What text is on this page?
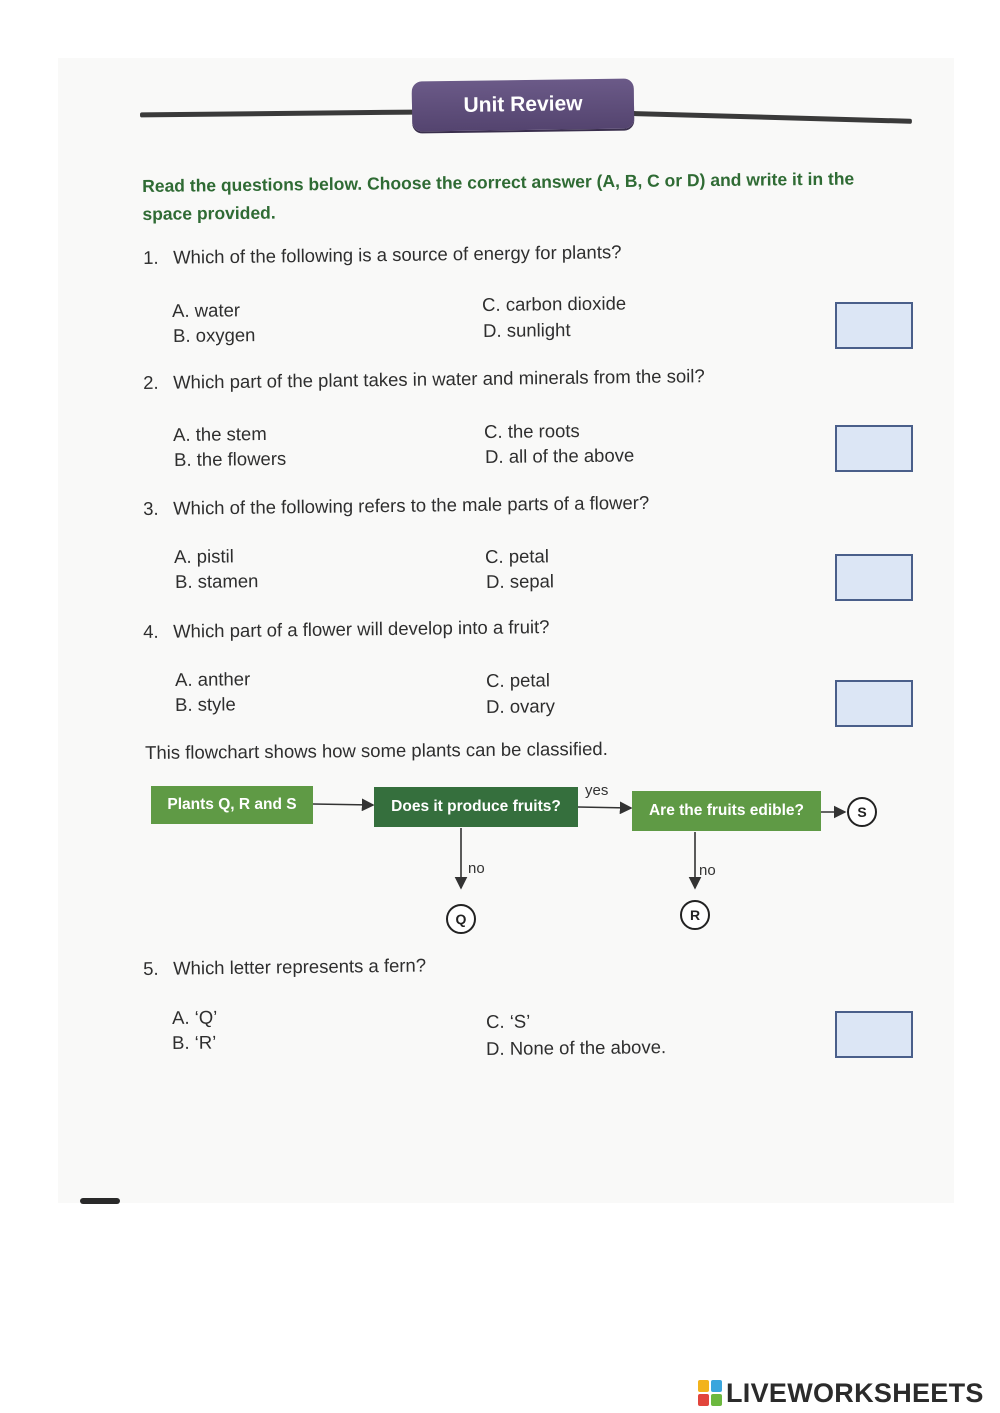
Unit Review
Read the questions below. Choose the correct answer (A, B, C or D) and write it in the space provided.
1. Which of the following is a source of energy for plants?
A. water
B. oxygen
C. carbon dioxide
D. sunlight
2. Which part of the plant takes in water and minerals from the soil?
A. the stem
B. the flowers
C. the roots
D. all of the above
3. Which of the following refers to the male parts of a flower?
A. pistil
B. stamen
C. petal
D. sepal
4. Which part of a flower will develop into a fruit?
A. anther
B. style
C. petal
D. ovary
This flowchart shows how some plants can be classified.
Plants Q, R and S	Does it produce fruits?	Are the fruits edible?
yes
no	no
Q	R
S
5. Which letter represents a fern?
A. ‘Q’
B. ‘R’
C. ‘S’
D. None of the above.
LIVEWORKSHEETS
